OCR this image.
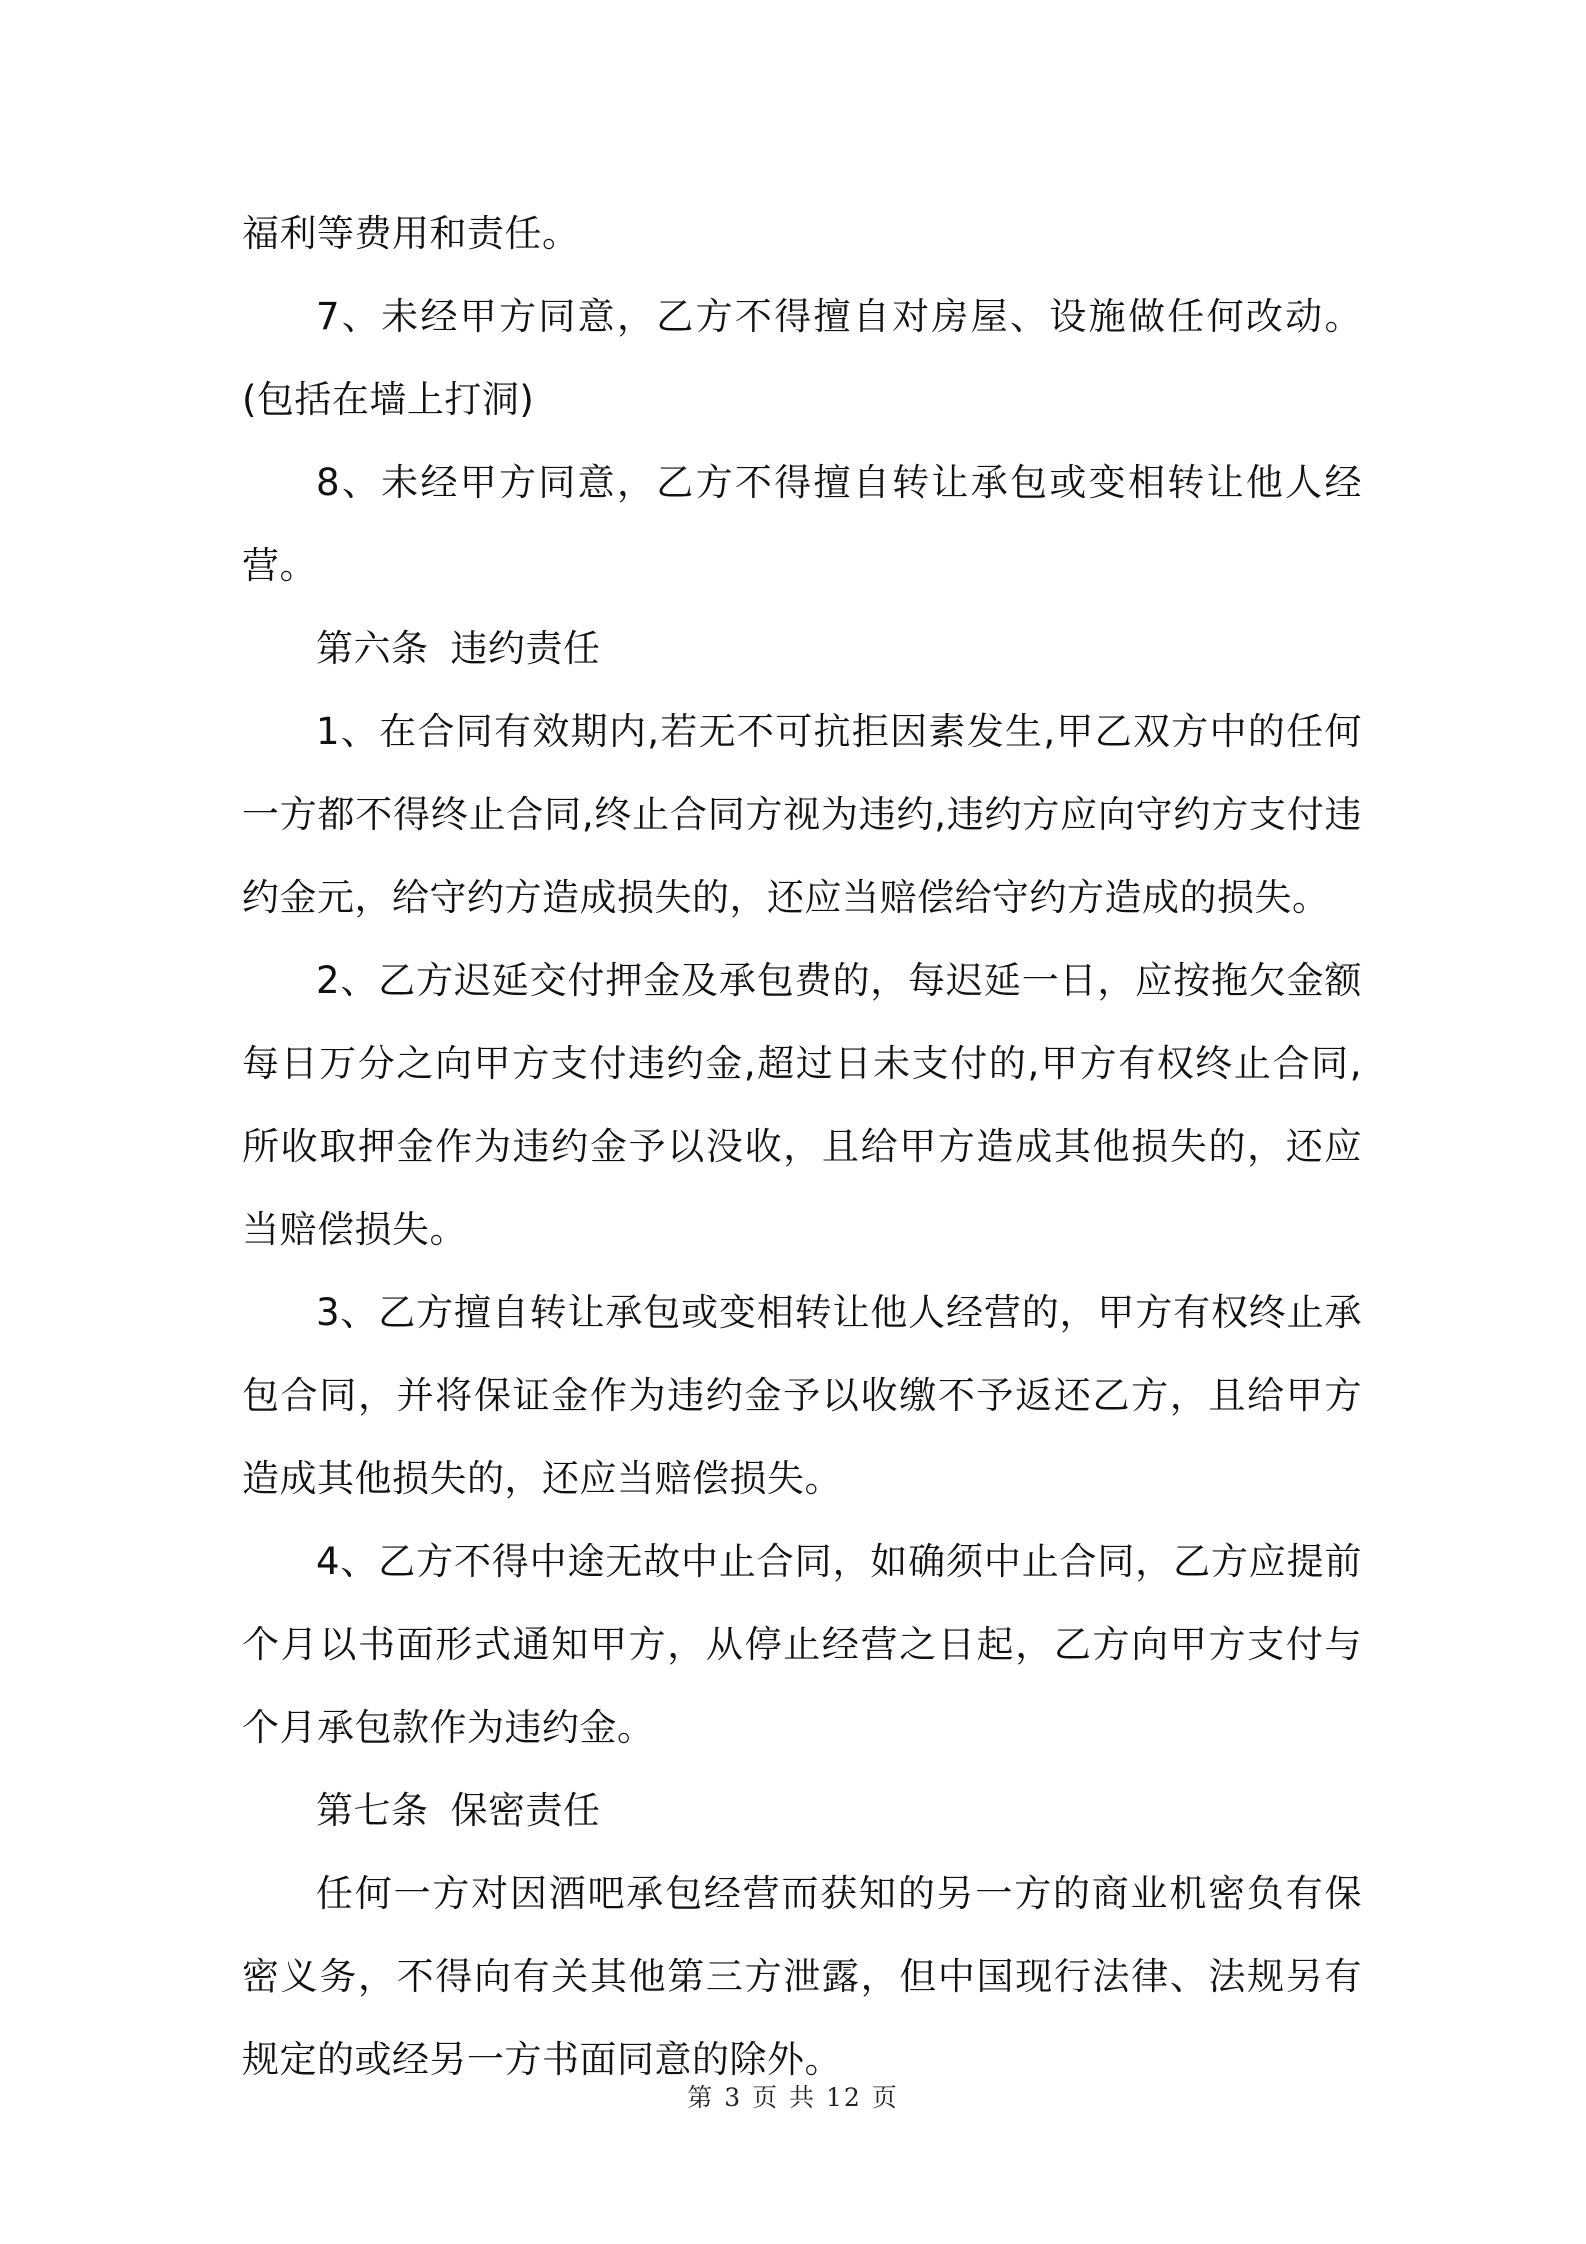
福利等费用和责任。

7、未经甲方同意，乙方不得擅自对房屋、设施做任何改动。(包括在墙上打洞)

8、未经甲方同意，乙方不得擅自转让承包或变相转让他人经营。

第六条 违约责任

1、在合同有效期内,若无不可抗拒因素发生,甲乙双方中的任何一方都不得终止合同,终止合同方视为违约,违约方应向守约方支付违约金元，给守约方造成损失的，还应当赔偿给守约方造成的损失。

2、乙方迟延交付押金及承包费的，每迟延一日，应按拖欠金额每日万分之向甲方支付违约金,超过日未支付的,甲方有权终止合同,所收取押金作为违约金予以没收，且给甲方造成其他损失的，还应当赔偿损失。

3、乙方擅自转让承包或变相转让他人经营的，甲方有权终止承包合同，并将保证金作为违约金予以收缴不予返还乙方，且给甲方造成其他损失的，还应当赔偿损失。

4、乙方不得中途无故中止合同，如确须中止合同，乙方应提前个月以书面形式通知甲方，从停止经营之日起，乙方向甲方支付与个月承包款作为违约金。

第七条 保密责任

任何一方对因酒吧承包经营而获知的另一方的商业机密负有保密义务，不得向有关其他第三方泄露，但中国现行法律、法规另有规定的或经另一方书面同意的除外。

第 3 页 共 12 页
